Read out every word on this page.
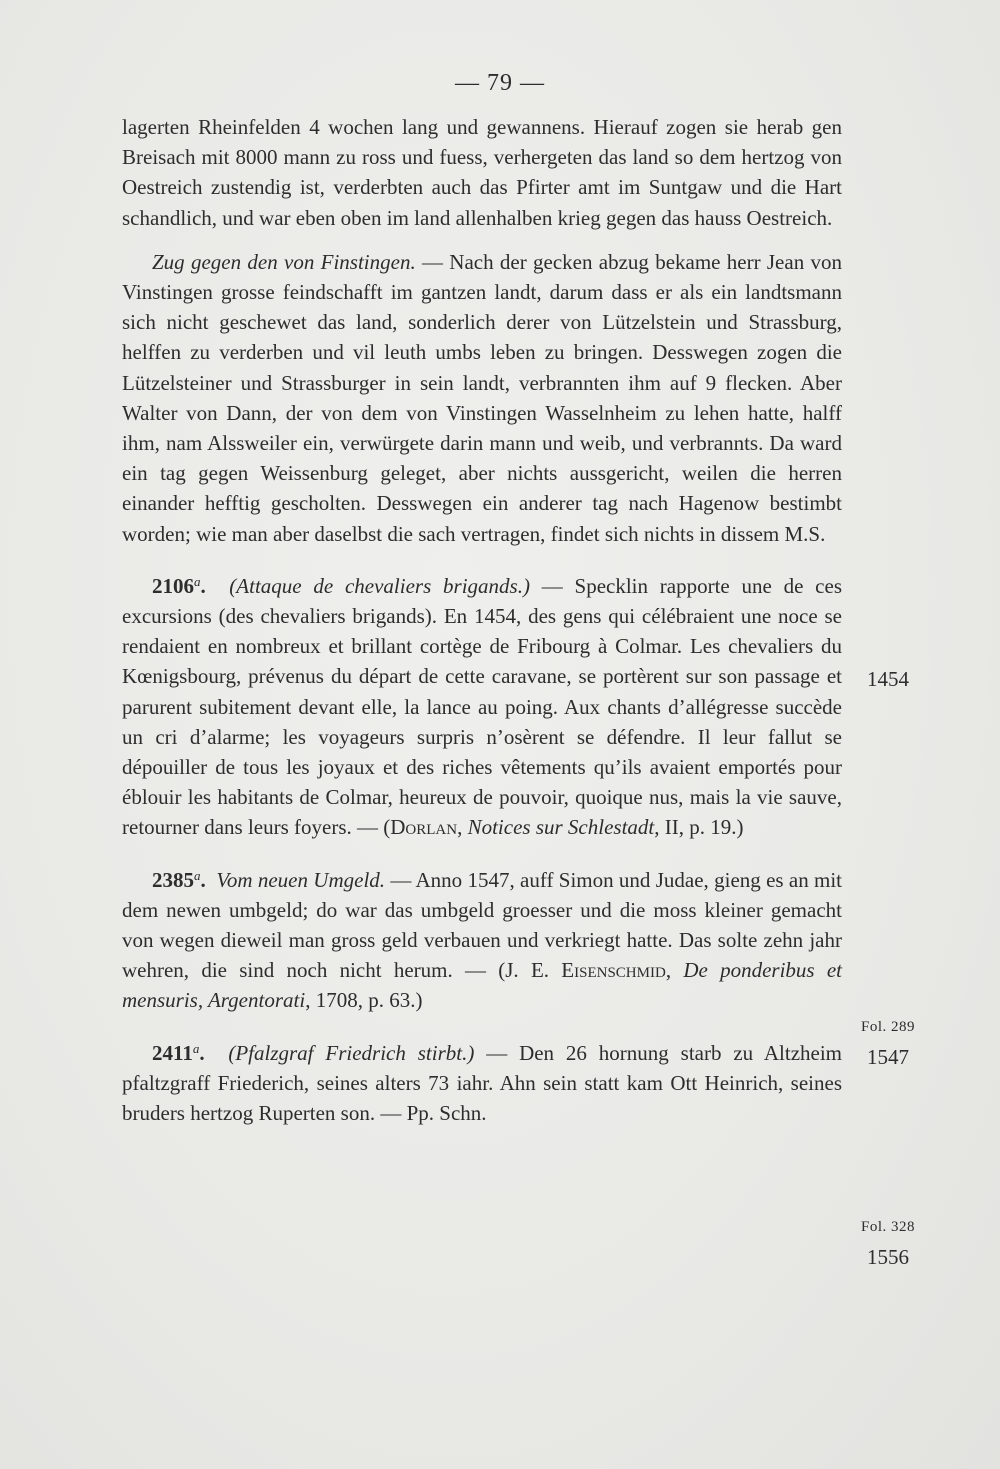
— 79 —

lagerten Rheinfelden 4 wochen lang und gewannens. Hierauf zogen sie herab gen Breisach mit 8000 mann zu ross und fuess, verhergeten das land so dem hertzog von Oestreich zustendig ist, verderbten auch das Pfirter amt im Suntgaw und die Hart schandlich, und war eben oben im land allenhalben krieg gegen das hauss Oestreich.

Zug gegen den von Finstingen. — Nach der gecken abzug bekame herr Jean von Vinstingen grosse feindschafft im gantzen landt, darum dass er als ein landtsmann sich nicht geschewet das land, sonderlich derer von Lützelstein und Strassburg, helffen zu verderben und vil leuth umbs leben zu bringen. Desswegen zogen die Lützelsteiner und Strassburger in sein landt, verbrannten ihm auf 9 flecken. Aber Walter von Dann, der von dem von Vinstingen Wasselnheim zu lehen hatte, halff ihm, nam Alssweiler ein, verwürgete darin mann und weib, und verbrannts. Da ward ein tag gegen Weissenburg geleget, aber nichts aussgericht, weilen die herren einander hefftig gescholten. Desswegen ein anderer tag nach Hagenow bestimbt worden; wie man aber daselbst die sach vertragen, findet sich nichts in dissem M.S.

2106$^a$. (Attaque de chevaliers brigands.) — Specklin rapporte une de ces excursions (des chevaliers brigands). En 1454, des gens qui célébraient une noce se rendaient en nombreux et brillant cortège de Fribourg à Colmar. Les chevaliers du Kœnigsbourg, prévenus du départ de cette caravane, se portèrent sur son passage et parurent subitement devant elle, la lance au poing. Aux chants d’allégresse succède un cri d’alarme; les voyageurs surpris n’osèrent se défendre. Il leur fallut se dépouiller de tous les joyaux et des riches vêtements qu’ils avaient emportés pour éblouir les habitants de Colmar, heureux de pouvoir, quoique nus, mais la vie sauve, retourner dans leurs foyers. — (Dorlan, Notices sur Schlestadt, II, p. 19.)

2385$^a$. Vom neuen Umgeld. — Anno 1547, auff Simon und Judae, gieng es an mit dem newen umbgeld; do war das umbgeld groesser und die moss kleiner gemacht von wegen dieweil man gross geld verbauen und verkriegt hatte. Das solte zehn jahr wehren, die sind noch nicht herum. — (J. E. Eisenschmid, De ponderibus et mensuris, Argentorati, 1708, p. 63.)

2411$^a$. (Pfalzgraf Friedrich stirbt.) — Den 26 hornung starb zu Altzheim pfaltzgraff Friederich, seines alters 73 iahr. Ahn sein statt kam Ott Heinrich, seines bruders hertzog Ruperten son. — Pp. Schn.

1454
Fol. 289
1547
Fol. 328
1556
